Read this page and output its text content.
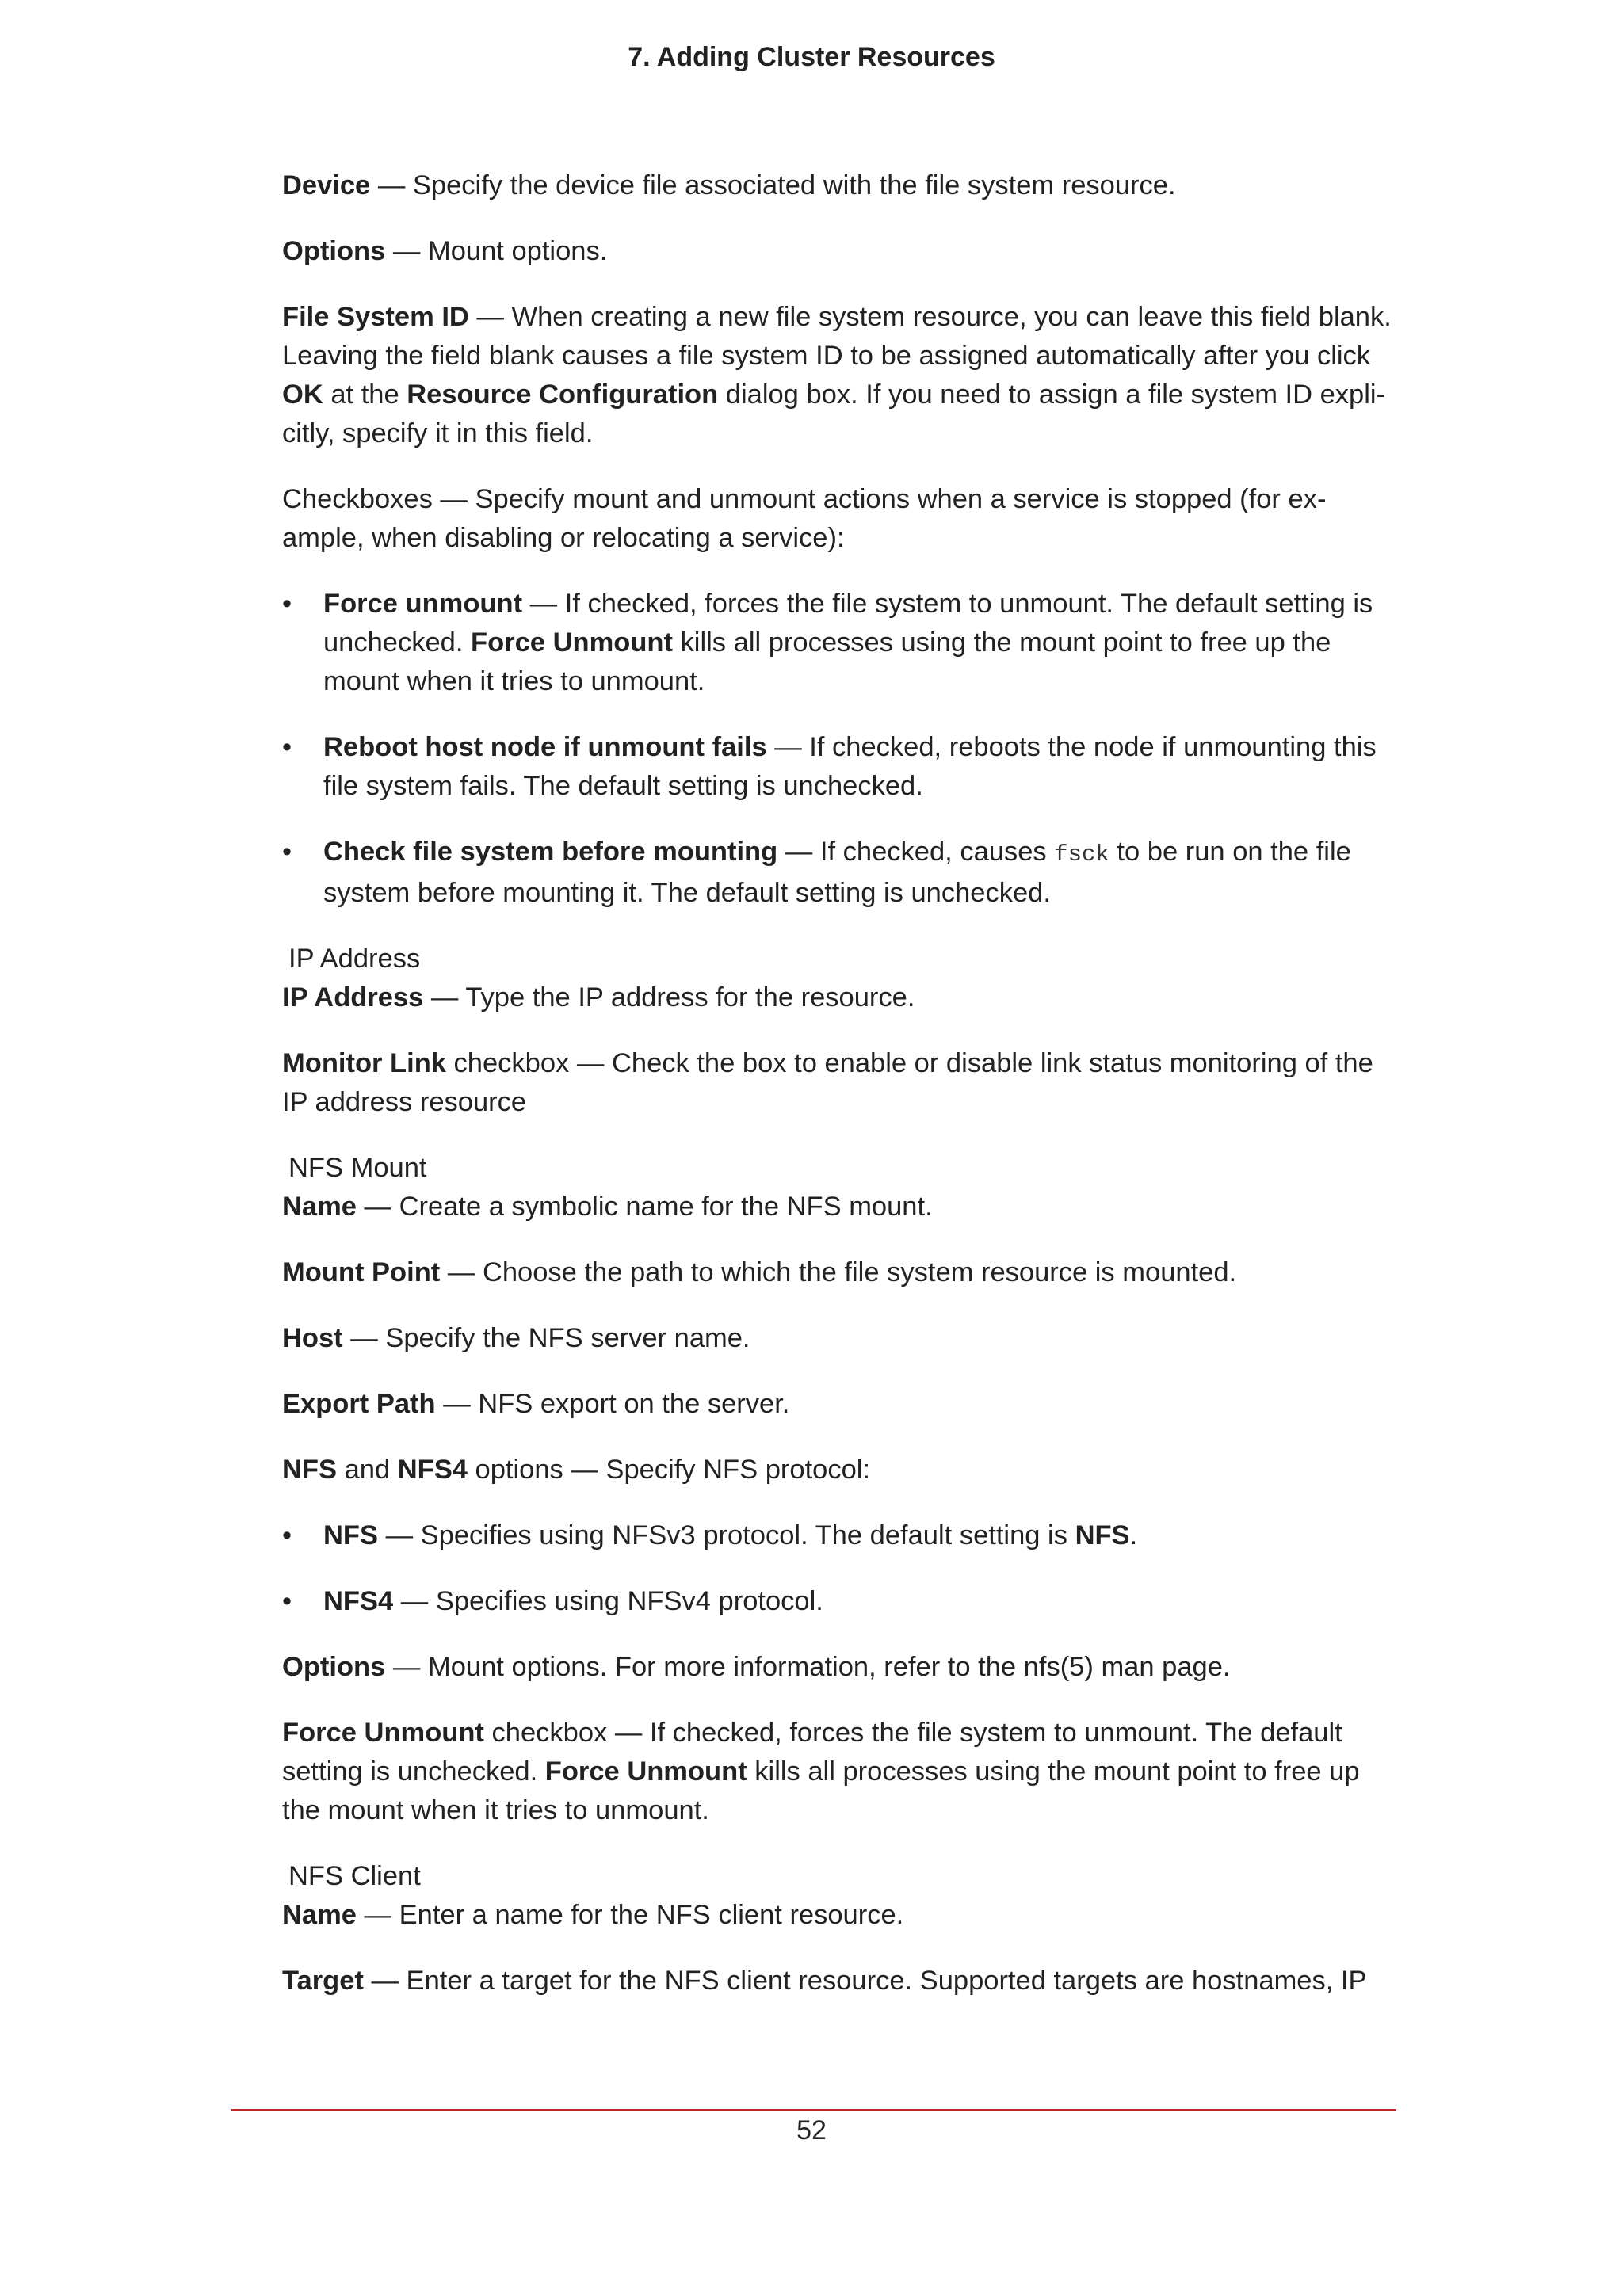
7. Adding Cluster Resources

Device — Specify the device file associated with the file system resource.

Options — Mount options.

File System ID — When creating a new file system resource, you can leave this field blank. Leaving the field blank causes a file system ID to be assigned automatically after you click OK at the Resource Configuration dialog box. If you need to assign a file system ID explicitly, specify it in this field.

Checkboxes — Specify mount and unmount actions when a service is stopped (for example, when disabling or relocating a service):

•	Force unmount — If checked, forces the file system to unmount. The default setting is unchecked. Force Unmount kills all processes using the mount point to free up the mount when it tries to unmount.
•	Reboot host node if unmount fails — If checked, reboots the node if unmounting this file system fails. The default setting is unchecked.
•	Check file system before mounting — If checked, causes fsck to be run on the file system before mounting it. The default setting is unchecked.

IP Address

IP Address — Type the IP address for the resource.

Monitor Link checkbox — Check the box to enable or disable link status monitoring of the IP address resource

NFS Mount

Name — Create a symbolic name for the NFS mount.

Mount Point — Choose the path to which the file system resource is mounted.

Host — Specify the NFS server name.

Export Path — NFS export on the server.

NFS and NFS4 options — Specify NFS protocol:

•	NFS — Specifies using NFSv3 protocol. The default setting is NFS.
•	NFS4 — Specifies using NFSv4 protocol.

Options — Mount options. For more information, refer to the nfs(5) man page.

Force Unmount checkbox — If checked, forces the file system to unmount. The default setting is unchecked. Force Unmount kills all processes using the mount point to free up the mount when it tries to unmount.

NFS Client

Name — Enter a name for the NFS client resource.

Target — Enter a target for the NFS client resource. Supported targets are hostnames, IP

52
